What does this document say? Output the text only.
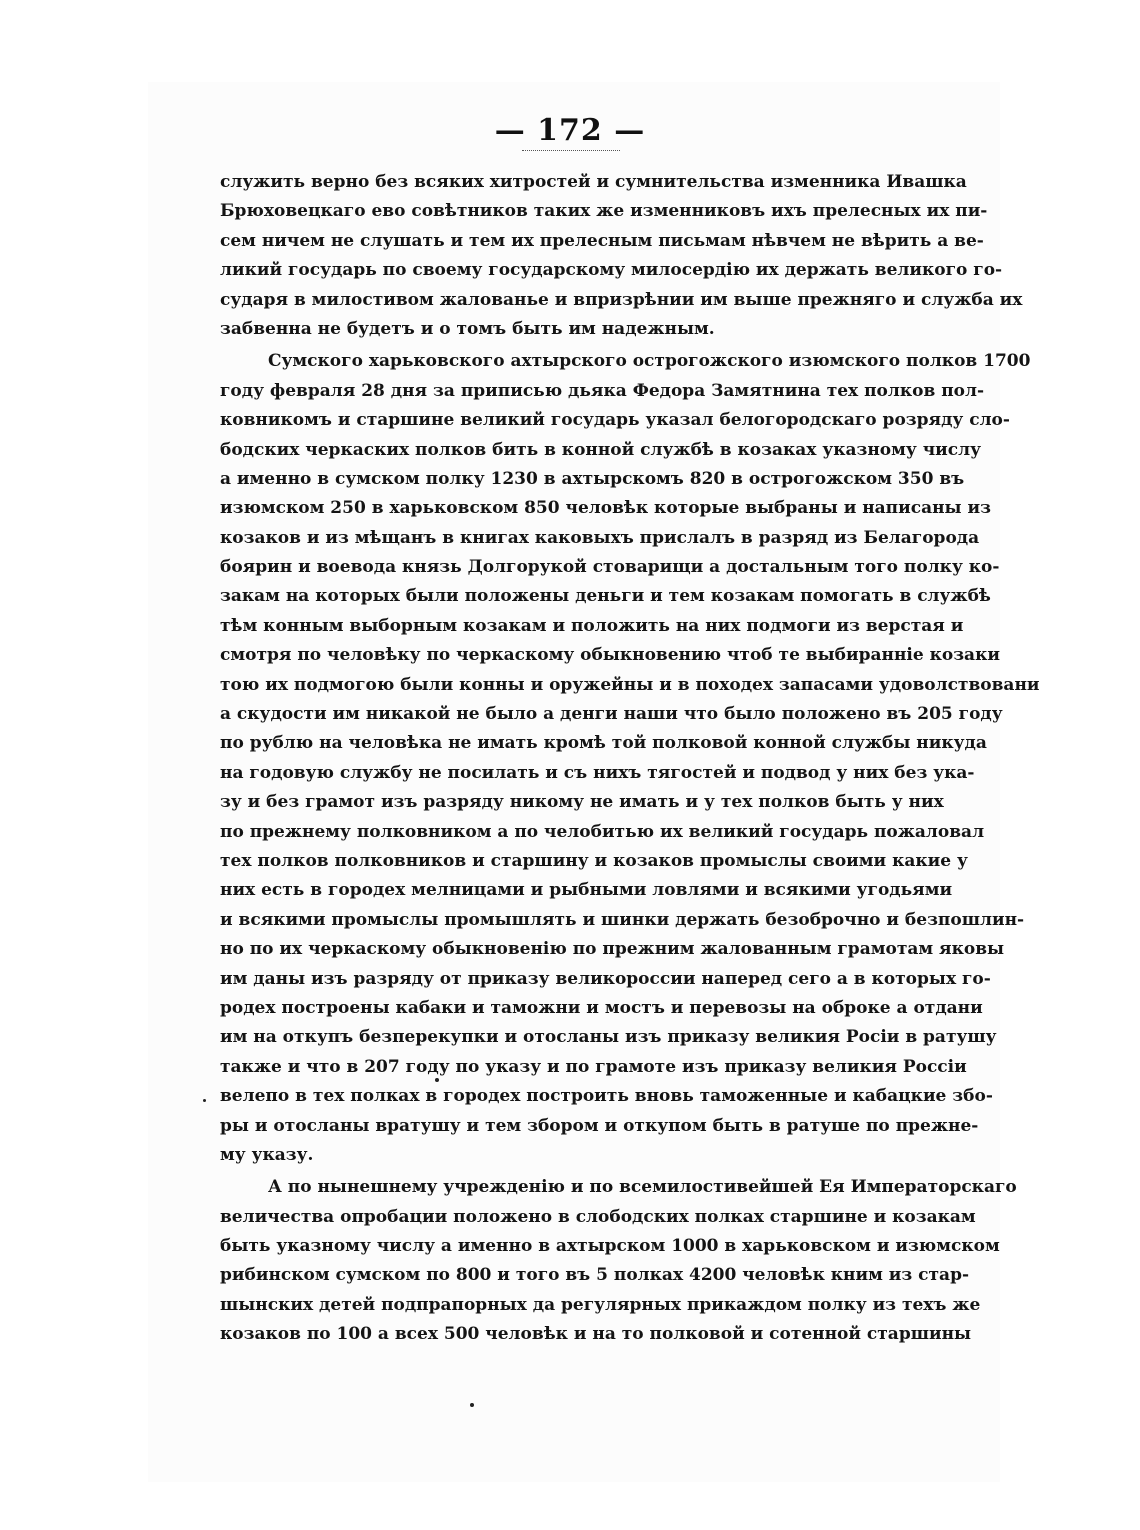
— 172 —
служить верно без всяких хитростей и сумнительства изменника Ивашка
Брюховецкаго ево совѣтников таких же изменниковъ ихъ прелесных их пи-
сем ничем не слушать и тем их прелесным письмам нѣвчем не вѣрить а ве-
ликий государь по своему государскому милосердію их держать великого го-
сударя в милостивом жалованье и впризрѣнии им выше прежняго и служба их
забвенна не будетъ и о томъ быть им надежным.
Сумского харьковского ахтырского острогожского изюмского полков 1700
году февраля 28 дня за приписью дьяка Федора Замятнина тех полков пол-
ковникомъ и старшине великий государь указал белогородскаго розряду сло-
бодских черкаских полков бить в конной службѣ в козаках указному числу
а именно в сумском полку 1230 в ахтырскомъ 820 в острогожском 350 въ
изюмском 250 в харьковском 850 человѣк которые выбраны и написаны из
козаков и из мѣщанъ в книгах каковыхъ прислалъ в разряд из Белагорода
боярин и воевода князь Долгорукой стоварищи а достальным того полку ко-
закам на которых были положены деньги и тем козакам помогать в службѣ
тѣм конным выборным козакам и положить на них подмоги из верстая и
смотря по человѣку по черкаскому обыкновению чтоб те выбиранніе козаки
тою их подмогою были конны и оружейны и в походех запасами удоволствовани
а скудости им никакой не было а денги наши что было положено въ 205 году
по рублю на человѣка не имать кромѣ той полковой конной службы никуда
на годовую службу не посилать и съ нихъ тягостей и подвод у них без ука-
зу и без грамот изъ разряду никому не имать и у тех полков быть у них
по прежнему полковником а по челобитью их великий государь пожаловал
тех полков полковников и старшину и козаков промыслы своими какие у
них есть в городех мелницами и рыбными ловлями и всякими угодьями
и всякими промыслы промышлять и шинки держать безоброчно и безпошлин-
но по их черкаскому обыкновенію по прежним жалованным грамотам яковы
им даны изъ разряду от приказу великороссии наперед сего а в которых го-
родех построены кабаки и таможни и мостъ и перевозы на оброке а отдани
им на откупъ безперекупки и отосланы изъ приказу великия Росіи в ратушу
также и что в 207 году по указу и по грамоте изъ приказу великия Россіи
велепо в тех полках в городех построить вновь таможенные и кабацкие збо-
ры и отосланы вратушу и тем збором и откупом быть в ратуше по прежне-
му указу.
А по нынешнему учрежденію и по всемилостивейшей Ея Императорскаго
величества опробации положено в слободских полках старшине и козакам
быть указному числу а именно в ахтырском 1000 в харьковском и изюмском
рибинском сумском по 800 и того въ 5 полках 4200 человѣк кним из стар-
шынских детей подпрапорных да регулярных прикаждом полку из техъ же
козаков по 100 а всех 500 человѣк и на то полковой и сотенной старшины
